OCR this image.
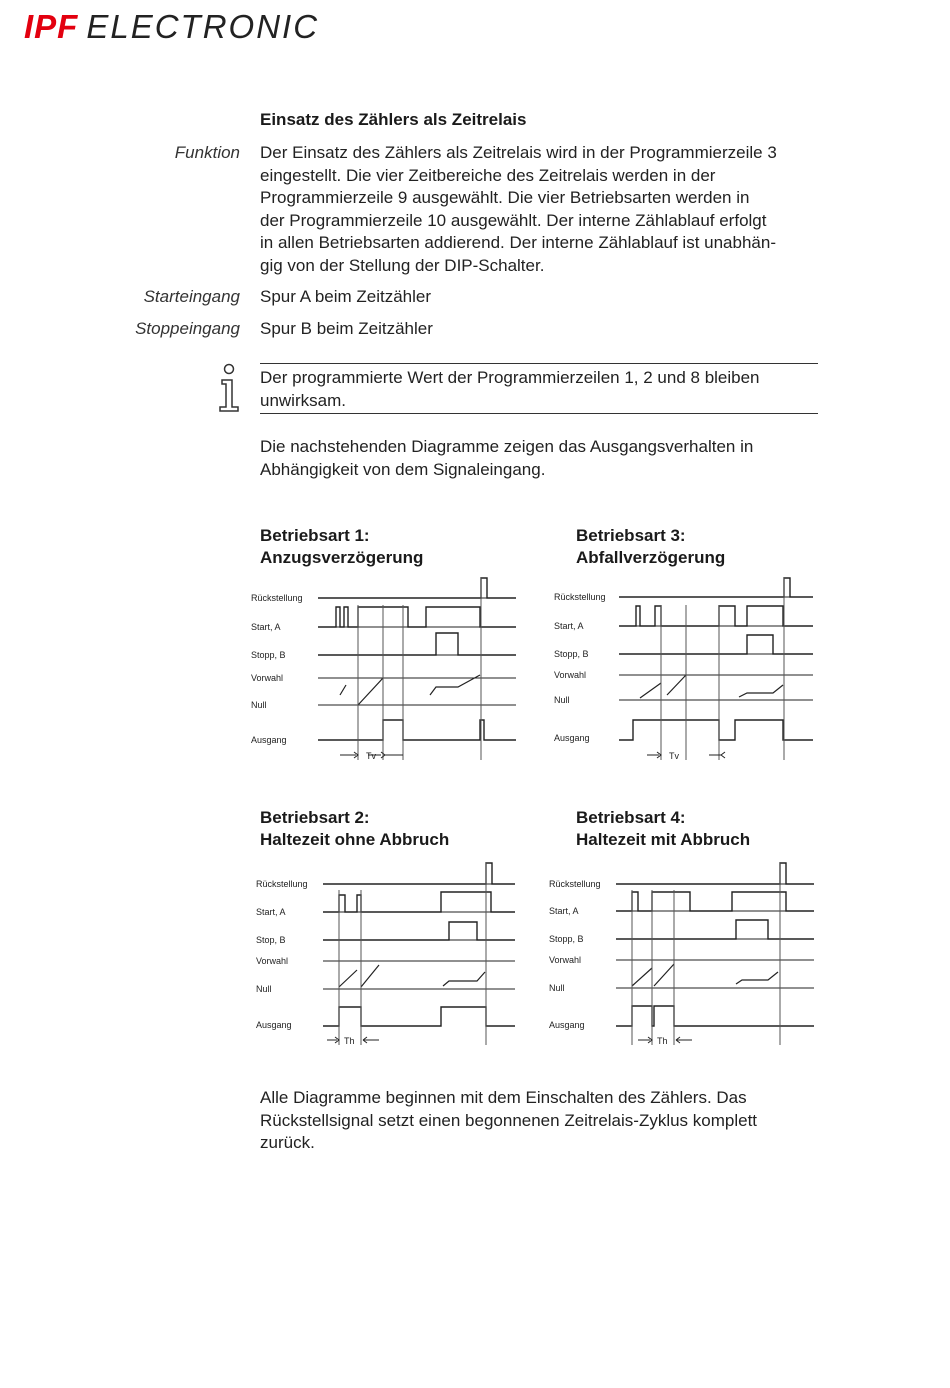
IPF ELECTRONIC
Einsatz des Zählers als Zeitrelais
Funktion Der Einsatz des Zählers als Zeitrelais wird in der Programmierzeile 3
eingestellt. Die vier Zeitbereiche des Zeitrelais werden in der
Programmierzeile 9 ausgewählt. Die vier Betriebsarten werden in
der Programmierzeile 10 ausgewählt. Der interne Zählablauf erfolgt
in allen Betriebsarten addierend. Der interne Zählablauf ist unabhän-
gig von der Stellung der DIP-Schalter.
Starteingang Spur A beim Zeitzähler
Stoppeingang Spur B beim Zeitzähler
Der programmierte Wert der Programmierzeilen 1, 2 und 8 bleiben
unwirksam.
Die nachstehenden Diagramme zeigen das Ausgangsverhalten in
Abhängigkeit von dem Signaleingang.
Betriebsart 1:
Anzugsverzögerung
Rückstellung
Start, A
Stopp, B
Vorwahl
Null
Ausgang
Tv
Betriebsart 3:
Abfallverzögerung
Rückstellung
Start, A
Stopp, B
Vorwahl
Null
Ausgang
Tv
Betriebsart 2:
Haltezeit ohne Abbruch
Rückstellung
Start, A
Stop, B
Vorwahl
Null
Ausgang
Th
Betriebsart 4:
Haltezeit mit Abbruch
Rückstellung
Start, A
Stopp, B
Vorwahl
Null
Ausgang
Th
Alle Diagramme beginnen mit dem Einschalten des Zählers. Das
Rückstellsignal setzt einen begonnenen Zeitrelais-Zyklus komplett
zurück.
